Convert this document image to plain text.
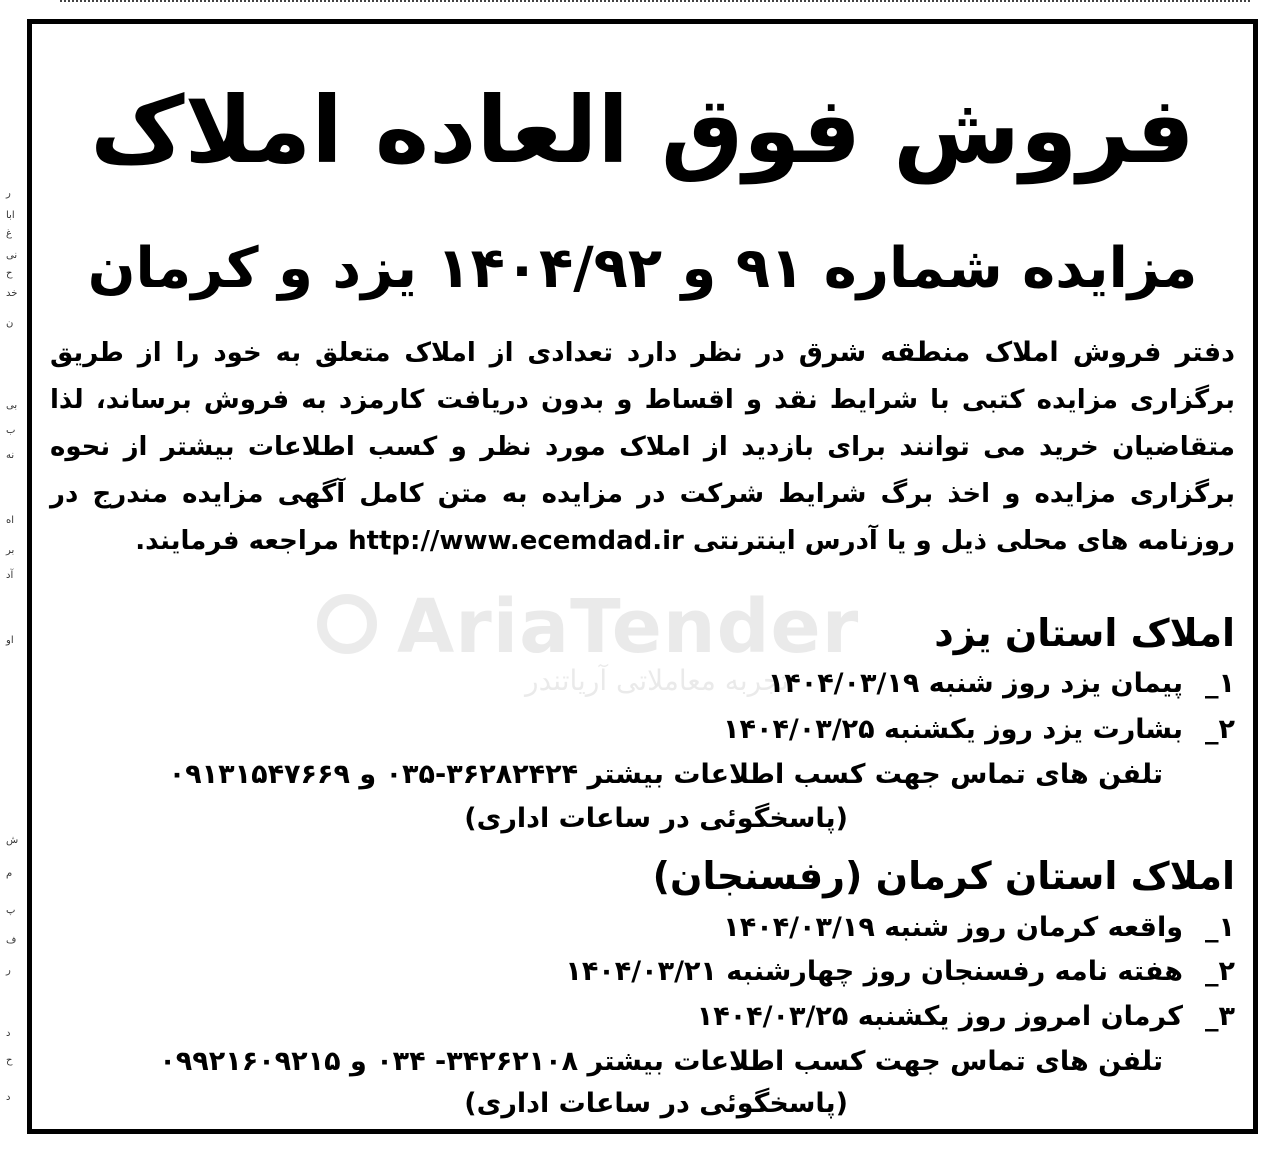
ر
ابا
غ
نی
ح
خد
ن
بی
ب
نه
اه
بر
آد
او
ش
م
پ
ف
ر
د
ح
د
AriaTender
تجربه معاملاتی آریاتندر
فروش فوق العاده املاک
مزایده شماره ۹۱ و ۱۴۰۴/۹۲ یزد و کرمان
دفتر فروش املاک منطقه شرق در نظر دارد تعدادی از املاک متعلق به خود را از طریق برگزاری مزایده کتبی با شرایط نقد و اقساط و بدون دریافت کارمزد به فروش برساند، لذا متقاضیان خرید می توانند برای بازدید از املاک مورد نظر و کسب اطلاعات بیشتر از نحوه برگزاری مزایده و اخذ برگ شرایط شرکت در مزایده به متن کامل آگهی مزایده مندرج در روزنامه های محلی ذیل و یا آدرس اینترنتی http://www.ecemdad.ir مراجعه فرمایند.
املاک استان یزد
۱_پیمان یزد روز شنبه ۱۴۰۴/۰۳/۱۹
۲_بشارت یزد روز یکشنبه ۱۴۰۴/۰۳/۲۵
تلفن های تماس جهت کسب اطلاعات بیشتر ۳۶۲۸۲۴۲۴-۰۳۵ و ۰۹۱۳۱۵۴۷۶۶۹
(پاسخگوئی در ساعات اداری)
املاک استان کرمان (رفسنجان)
۱_واقعه کرمان روز شنبه ۱۴۰۴/۰۳/۱۹
۲_هفته نامه رفسنجان روز چهارشنبه ۱۴۰۴/۰۳/۲۱
۳_کرمان امروز روز یکشنبه ۱۴۰۴/۰۳/۲۵
تلفن های تماس جهت کسب اطلاعات بیشتر ۳۴۲۶۲۱۰۸- ۰۳۴ و ۰۹۹۲۱۶۰۹۲۱۵
(پاسخگوئی در ساعات اداری)
